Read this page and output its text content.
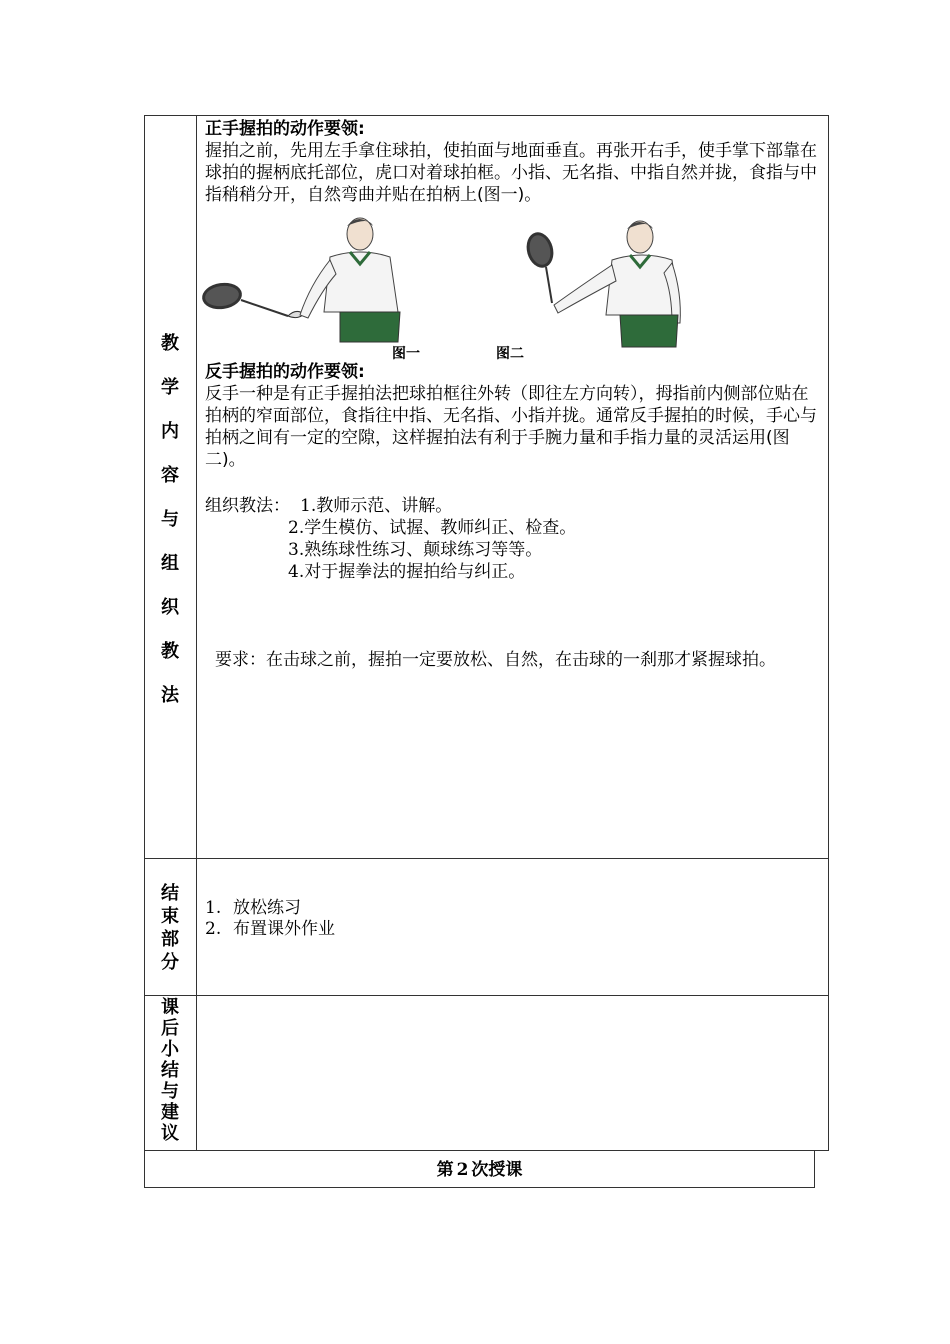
教
学
内
容
与
组
织
教
法
正手握拍的动作要领:
握拍之前，先用左手拿住球拍，使拍面与地面垂直。再张开右手，使手掌下部靠在球拍的握柄底托部位，虎口对着球拍框。小指、无名指、中指自然并拢，食指与中指稍稍分开，自然弯曲并贴在拍柄上(图一)。
图一	图二
反手握拍的动作要领:
反手一种是有正手握拍法把球拍框往外转（即往左方向转），拇指前内侧部位贴在拍柄的窄面部位，食指往中指、无名指、小指并拢。通常反手握拍的时候，手心与拍柄之间有一定的空隙，这样握拍法有利于手腕力量和手指力量的灵活运用(图二)。
组织教法： 1.教师示范、讲解。
2.学生模仿、试握、教师纠正、检查。
3.熟练球性练习、颠球练习等等。
4.对于握拳法的握拍给与纠正。
要求：在击球之前，握拍一定要放松、自然，在击球的一刹那才紧握球拍。
结
束
部
分
1. 放松练习
2. 布置课外作业
课
后
小
结
与
建
议
第 2 次授课
